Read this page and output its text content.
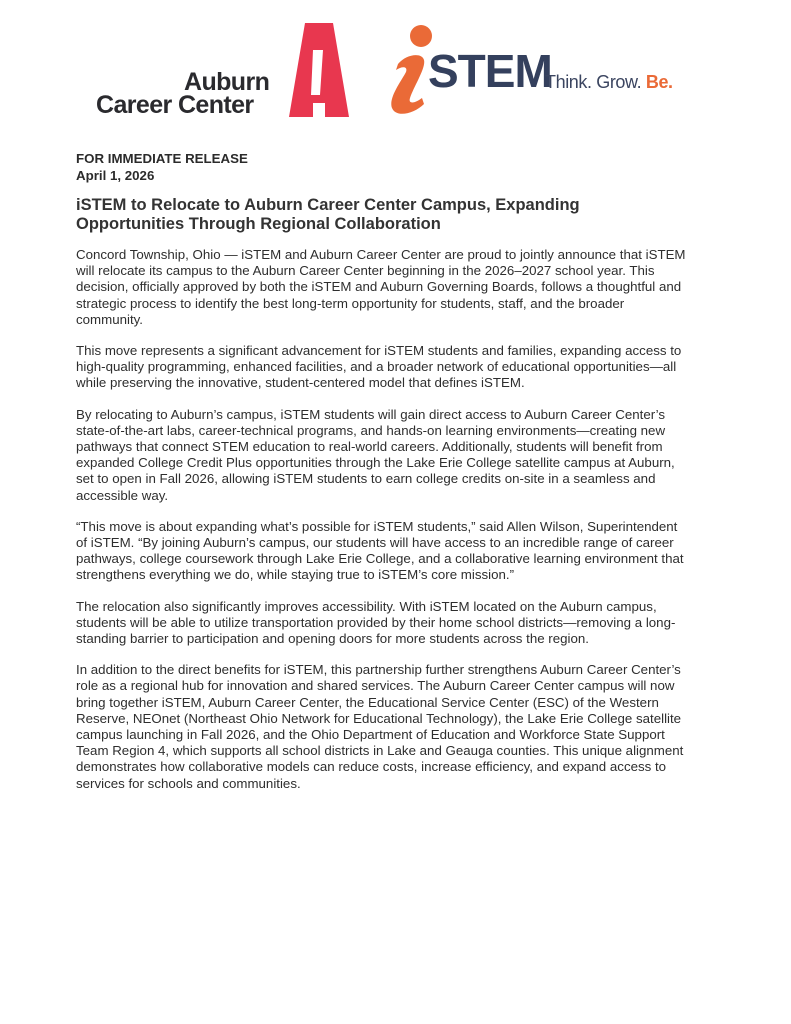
Auburn
Career Center
STEM
Think. Grow. Be.
FOR IMMEDIATE RELEASE
April 1, 2026
iSTEM to Relocate to Auburn Career Center Campus, Expanding Opportunities Through Regional Collaboration

Concord Township, Ohio — iSTEM and Auburn Career Center are proud to jointly announce that iSTEM will relocate its campus to the Auburn Career Center beginning in the 2026–2027 school year. This decision, officially approved by both the iSTEM and Auburn Governing Boards, follows a thoughtful and strategic process to identify the best long-term opportunity for students, staff, and the broader community.

This move represents a significant advancement for iSTEM students and families, expanding access to high-quality programming, enhanced facilities, and a broader network of educational opportunities—all while preserving the innovative, student-centered model that defines iSTEM.

By relocating to Auburn’s campus, iSTEM students will gain direct access to Auburn Career Center’s state-of-the-art labs, career-technical programs, and hands-on learning environments—creating new pathways that connect STEM education to real-world careers. Additionally, students will benefit from expanded College Credit Plus opportunities through the Lake Erie College satellite campus at Auburn, set to open in Fall 2026, allowing iSTEM students to earn college credits on-site in a seamless and accessible way.

“This move is about expanding what’s possible for iSTEM students,” said Allen Wilson, Superintendent of iSTEM. “By joining Auburn’s campus, our students will have access to an incredible range of career pathways, college coursework through Lake Erie College, and a collaborative learning environment that strengthens everything we do, while staying true to iSTEM’s core mission.”

The relocation also significantly improves accessibility. With iSTEM located on the Auburn campus, students will be able to utilize transportation provided by their home school districts—removing a long-standing barrier to participation and opening doors for more students across the region.

In addition to the direct benefits for iSTEM, this partnership further strengthens Auburn Career Center’s role as a regional hub for innovation and shared services. The Auburn Career Center campus will now bring together iSTEM, Auburn Career Center, the Educational Service Center (ESC) of the Western Reserve, NEOnet (Northeast Ohio Network for Educational Technology), the Lake Erie College satellite campus launching in Fall 2026, and the Ohio Department of Education and Workforce State Support Team Region 4, which supports all school districts in Lake and Geauga counties. This unique alignment demonstrates how collaborative models can reduce costs, increase efficiency, and expand access to services for schools and communities.
